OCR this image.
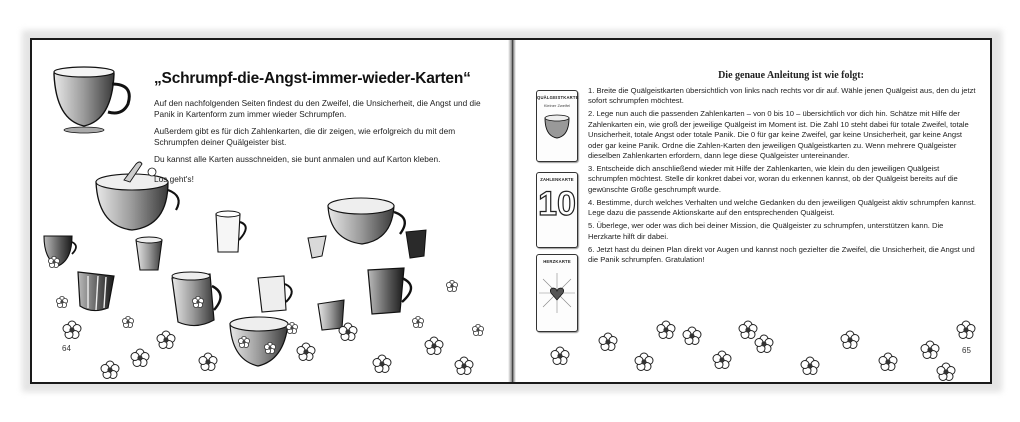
„Schrumpf-die-Angst-immer-wieder-Karten“

Auf den nachfolgenden Seiten findest du den Zweifel, die Unsicherheit, die Angst und die Panik in Kartenform zum immer wieder Schrumpfen.

Außerdem gibt es für dich Zahlenkarten, die dir zeigen, wie erfolgreich du mit dem Schrumpfen deiner Quälgeister bist.

Du kannst alle Karten ausschneiden, sie bunt anmalen und auf Karton kleben.

Los geht's!

64
Die genaue Anleitung ist wie folgt:
QUÄLGEISTKARTE
Kleiner Zweifel
ZAHLENKARTE
10
HERZKARTE
1. Breite die Quälgeistkarten übersichtlich von links nach rechts vor dir auf. Wähle jenen Quälgeist aus, den du jetzt sofort schrumpfen möchtest.
2. Lege nun auch die passenden Zahlenkarten – von 0 bis 10 – übersichtlich vor dich hin. Schätze mit Hilfe der Zahlenkarten ein, wie groß der jeweilige Quälgeist im Moment ist. Die Zahl 10 steht dabei für totale Zweifel, totale Unsicherheit, totale Angst oder totale Panik. Die 0 für gar keine Zweifel, gar keine Unsicherheit, gar keine Angst oder gar keine Panik. Ordne die Zahlen-Karten den jeweiligen Quälgeistkarten zu. Wenn mehrere Quälgeister dieselben Zahlenkarten erfordern, dann lege diese Quälgeister untereinander.
3. Entscheide dich anschließend wieder mit Hilfe der Zahlenkarten, wie klein du den jeweiligen Quälgeist schrumpfen möchtest. Stelle dir konkret dabei vor, woran du erkennen kannst, ob der Quälgeist bereits auf die gewünschte Größe geschrumpft wurde.
4. Bestimme, durch welches Verhalten und welche Gedanken du den jeweiligen Quälgeist aktiv schrumpfen kannst. Lege dazu die passende Aktionskarte auf den entsprechenden Quälgeist.
5. Überlege, wer oder was dich bei deiner Mission, die Quälgeister zu schrumpfen, unterstützen kann. Die Herzkarte hilft dir dabei.
6. Jetzt hast du deinen Plan direkt vor Augen und kannst noch gezielter die Zweifel, die Unsicherheit, die Angst und die Panik schrumpfen. Gratulation!
65
